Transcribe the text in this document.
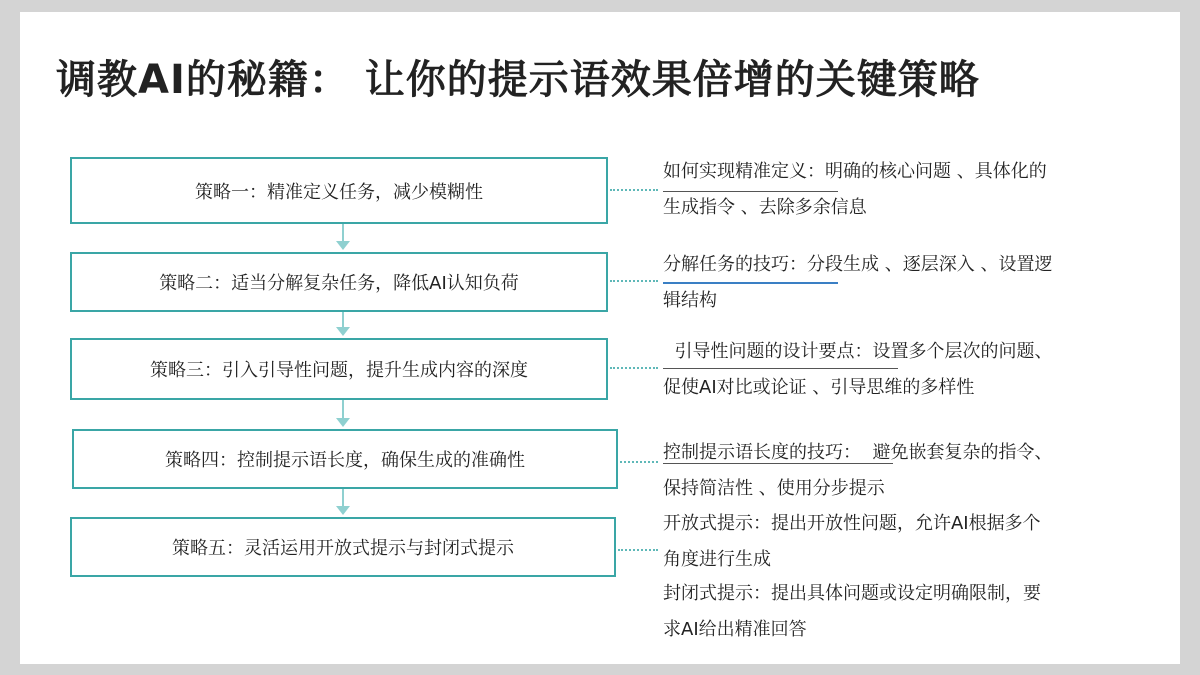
调教AI的秘籍： 让你的提示语效果倍增的关键策略
策略一：精准定义任务，减少模糊性
策略二：适当分解复杂任务，降低AI认知负荷
策略三：引入引导性问题，提升生成内容的深度
策略四：控制提示语长度，确保生成的准确性
策略五：灵活运用开放式提示与封闭式提示
如何实现精准定义：明确的核心问题 、具体化的
生成指令 、去除多余信息
分解任务的技巧：分段生成 、逐层深入 、设置逻
辑结构
引导性问题的设计要点：设置多个层次的问题、
促使AI对比或论证 、引导思维的多样性
控制提示语长度的技巧：  避免嵌套复杂的指令、
保持简洁性 、使用分步提示
开放式提示：提出开放性问题，允许AI根据多个
角度进行生成
封闭式提示：提出具体问题或设定明确限制，要
求AI给出精准回答
